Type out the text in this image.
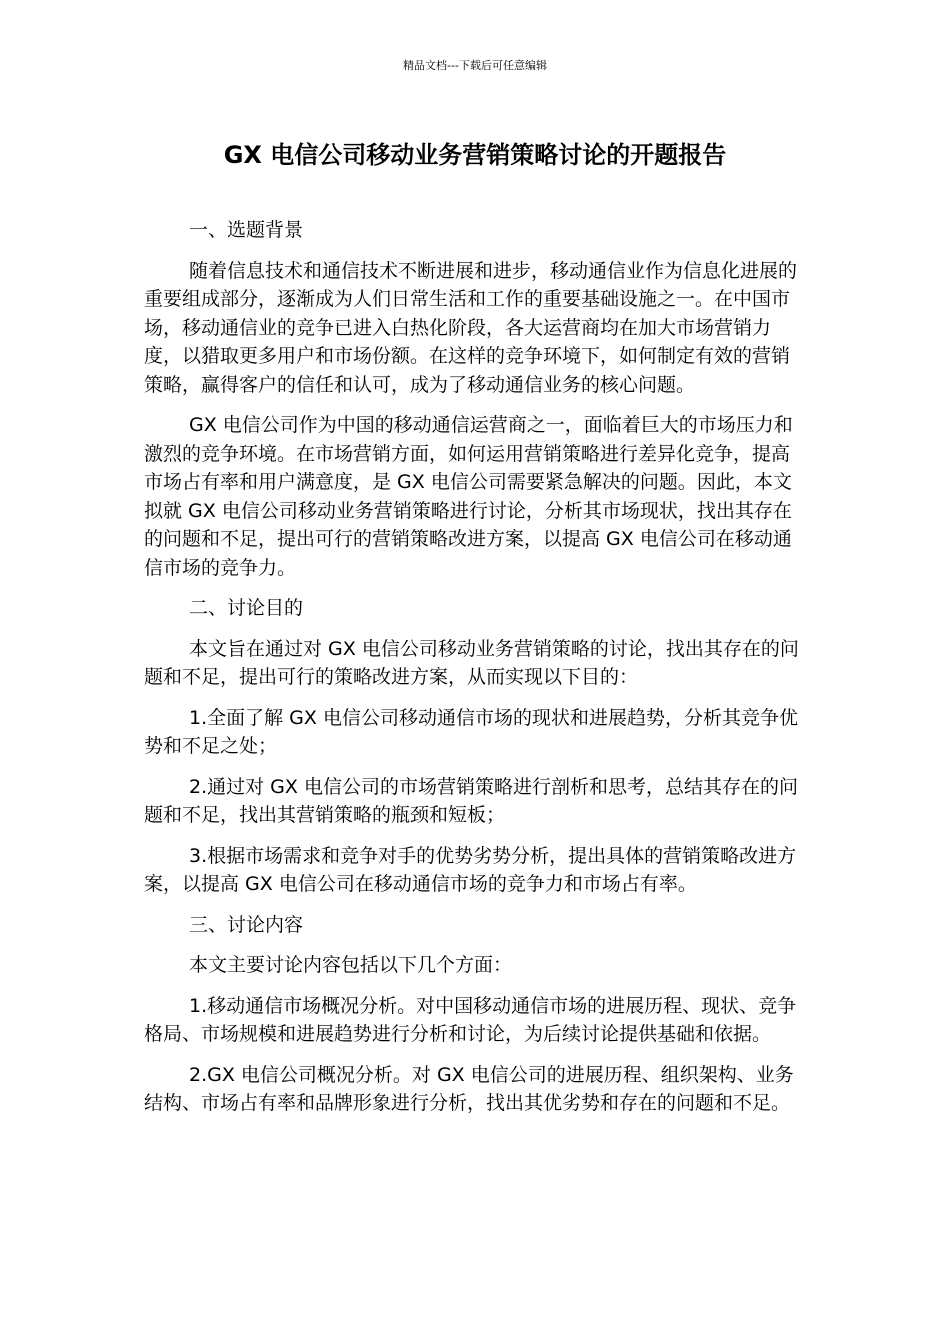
精品文档---下载后可任意编辑
GX 电信公司移动业务营销策略讨论的开题报告

一、选题背景

随着信息技术和通信技术不断进展和进步，移动通信业作为信息化进展的重要组成部分，逐渐成为人们日常生活和工作的重要基础设施之一。在中国市场，移动通信业的竞争已进入白热化阶段，各大运营商均在加大市场营销力度，以猎取更多用户和市场份额。在这样的竞争环境下，如何制定有效的营销策略，赢得客户的信任和认可，成为了移动通信业务的核心问题。

GX 电信公司作为中国的移动通信运营商之一，面临着巨大的市场压力和激烈的竞争环境。在市场营销方面，如何运用营销策略进行差异化竞争，提高市场占有率和用户满意度，是 GX 电信公司需要紧急解决的问题。因此，本文拟就 GX 电信公司移动业务营销策略进行讨论，分析其市场现状，找出其存在的问题和不足，提出可行的营销策略改进方案，以提高 GX 电信公司在移动通信市场的竞争力。

二、讨论目的

本文旨在通过对 GX 电信公司移动业务营销策略的讨论，找出其存在的问题和不足，提出可行的策略改进方案，从而实现以下目的：

1.全面了解 GX 电信公司移动通信市场的现状和进展趋势，分析其竞争优势和不足之处；

2.通过对 GX 电信公司的市场营销策略进行剖析和思考，总结其存在的问题和不足，找出其营销策略的瓶颈和短板；

3.根据市场需求和竞争对手的优势劣势分析，提出具体的营销策略改进方案，以提高 GX 电信公司在移动通信市场的竞争力和市场占有率。

三、讨论内容

本文主要讨论内容包括以下几个方面：

1.移动通信市场概况分析。对中国移动通信市场的进展历程、现状、竞争格局、市场规模和进展趋势进行分析和讨论，为后续讨论提供基础和依据。

2.GX 电信公司概况分析。对 GX 电信公司的进展历程、组织架构、业务结构、市场占有率和品牌形象进行分析，找出其优劣势和存在的问题和不足。
